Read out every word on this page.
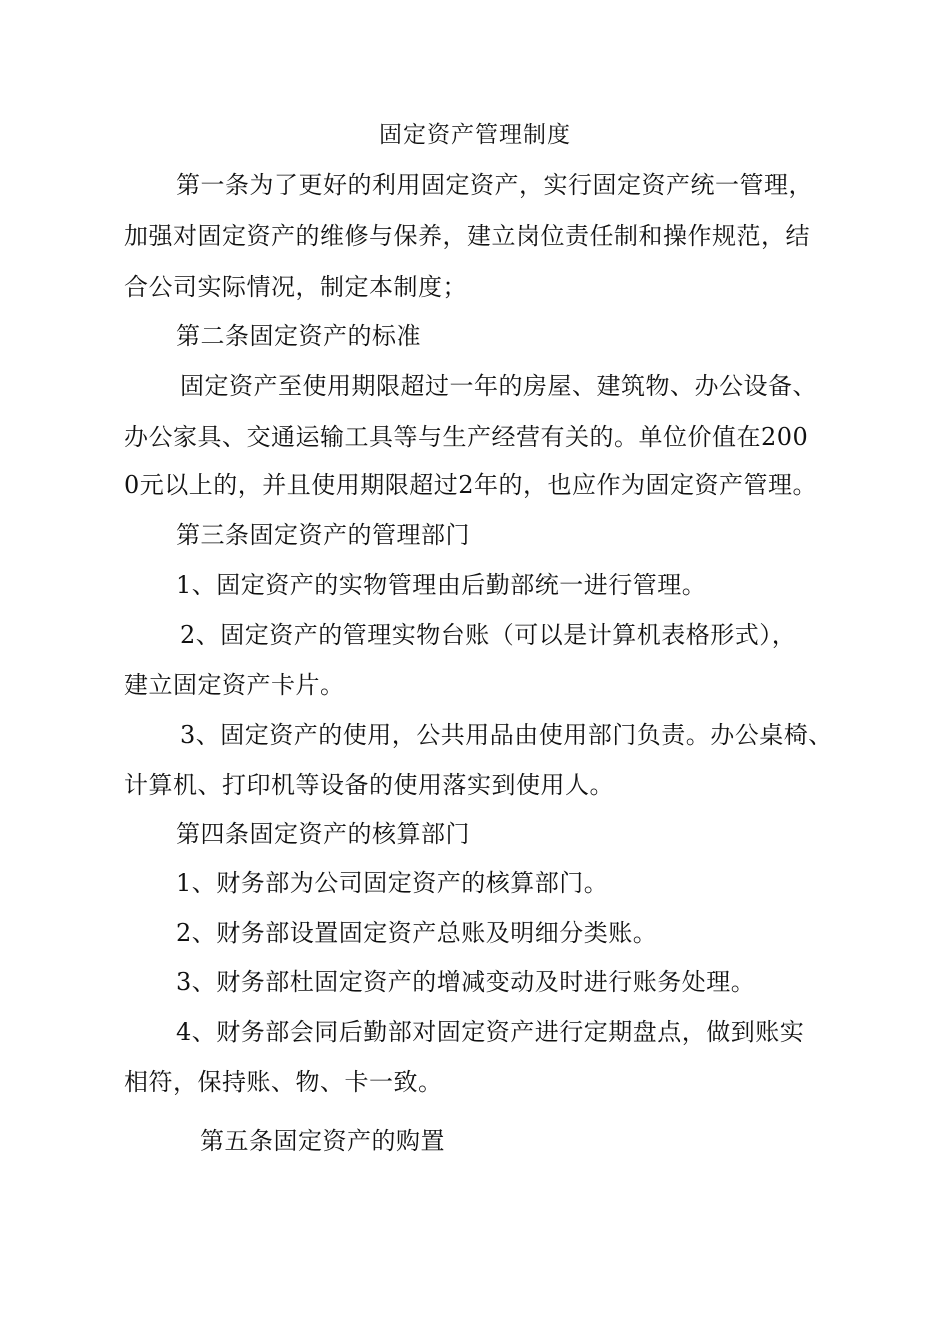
固定资产管理制度
第一条为了更好的利用固定资产，实行固定资产统一管理，
加强对固定资产的维修与保养，建立岗位责任制和操作规范，结
合公司实际情况，制定本制度；
第二条固定资产的标准
固定资产至使用期限超过一年的房屋、建筑物、办公设备、
办公家具、交通运输工具等与生产经营有关的。单位价值在200
0元以上的，并且使用期限超过2年的，也应作为固定资产管理。
第三条固定资产的管理部门
1、固定资产的实物管理由后勤部统一进行管理。
2、固定资产的管理实物台账（可以是计算机表格形式），
建立固定资产卡片。
3、固定资产的使用，公共用品由使用部门负责。办公桌椅、
计算机、打印机等设备的使用落实到使用人。
第四条固定资产的核算部门
1、财务部为公司固定资产的核算部门。
2、财务部设置固定资产总账及明细分类账。
3、财务部杜固定资产的增减变动及时进行账务处理。
4、财务部会同后勤部对固定资产进行定期盘点，做到账实
相符，保持账、物、卡一致。
第五条固定资产的购置
